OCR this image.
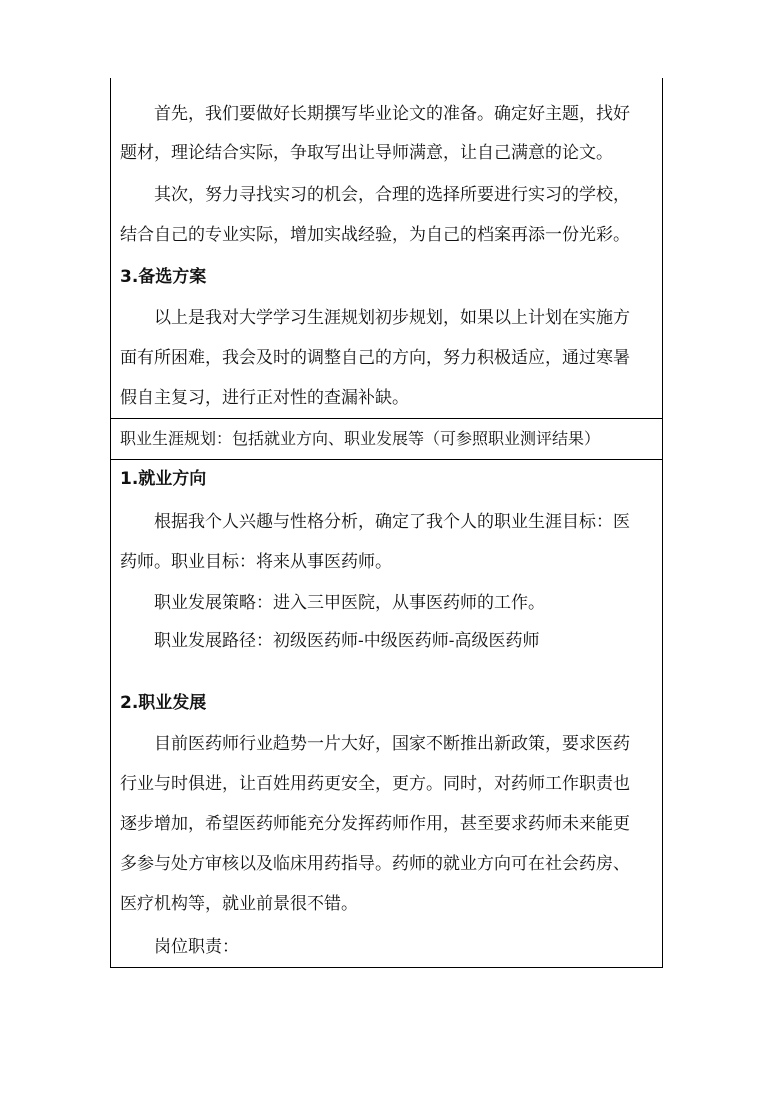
首先，我们要做好长期撰写毕业论文的准备。确定好主题，找好
题材，理论结合实际，争取写出让导师满意，让自己满意的论文。
其次，努力寻找实习的机会，合理的选择所要进行实习的学校，
结合自己的专业实际，增加实战经验，为自己的档案再添一份光彩。
3.备选方案
以上是我对大学学习生涯规划初步规划，如果以上计划在实施方
面有所困难，我会及时的调整自己的方向，努力积极适应，通过寒暑
假自主复习，进行正对性的查漏补缺。
职业生涯规划：包括就业方向、职业发展等（可参照职业测评结果）
1.就业方向
根据我个人兴趣与性格分析，确定了我个人的职业生涯目标：医
药师。职业目标：将来从事医药师。
职业发展策略：进入三甲医院，从事医药师的工作。
职业发展路径：初级医药师-中级医药师-高级医药师
2.职业发展
目前医药师行业趋势一片大好，国家不断推出新政策，要求医药
行业与时俱进，让百姓用药更安全，更方。同时，对药师工作职责也
逐步增加，希望医药师能充分发挥药师作用，甚至要求药师未来能更
多参与处方审核以及临床用药指导。药师的就业方向可在社会药房、
医疗机构等，就业前景很不错。
岗位职责：
